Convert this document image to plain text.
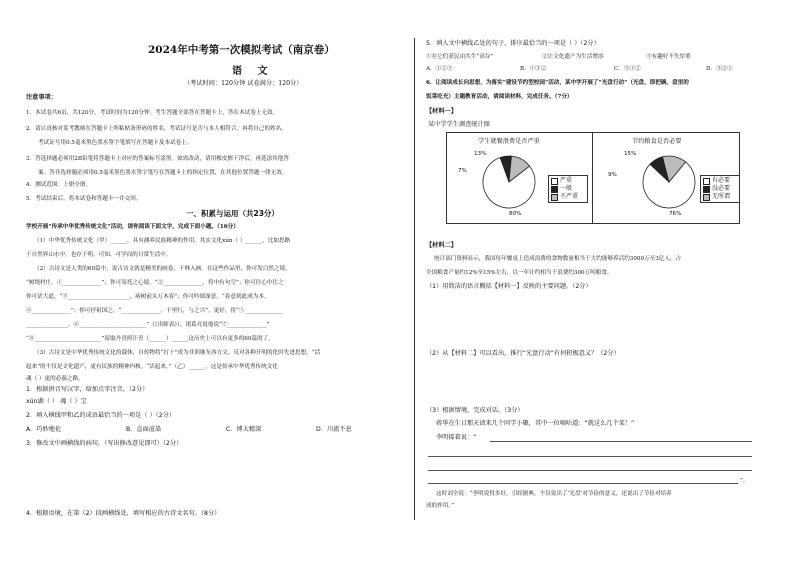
2024年中考第一次模拟考试（南京卷）
语 文
（考试时间：120分钟 试卷满分：120分）
注意事项：
1．本试卷共6页，共120分，考试时间为120分钟。考生答题全部答在答题卡上，答在本试卷上无效。
2．请认真核对监考教师在答题卡上所粘贴条形码的姓名、考试证号是否与本人相符合，再将自己的姓名、
考试证号用0.5毫米黑色墨水签字笔填写在答题卡及本试卷上。
3．答选择题必须用2B铅笔将答题卡上对应的答案标号涂黑。如需改动，请用橡皮擦干净后，再选涂其他答
案。答非选择题必须用0.5毫米黑色墨水签字笔写在答题卡上的指定位置，在其他位置答题一律无效。
4．测试范围：上册全册。
5．考试结束后，将本试卷和答题卡一并交回。
一、积累与运用（共23分）
学校开展“传承中华优秀传统文化”活动，请你阅读下面文字，完成下面小题。（16分）
（1）中华优秀传统文化（甲）______，具有涵养民族精神的作用。其实文化xún（ ）______，比如思路
于自然界山水中，也存于明、可知、可学而的日常生活中。
（2）古诗文是人类的60篇中，说古诗文就是精美的画卷，千林入画。在这些作品里，你可发白然之境，
“树绕村庄，①______________”；你可寄托之心境，“②______________，将中有句空”；你可往心中往之
你可语大道，“③______________________，病树前头万木春”；你可吟颂深意，“春意到此成为本。
④______________”；你可抒祖国之，“______________，千里行，与之兴”。更好，将“⑤______________
_______________，⑥________________________”（《出师表》），诸葛亮说他说“⑦______________”
“⑧________________________”留取丹青照汗青（______）______这历史上可以有更多的60篇的了。
（3）古诗文是中华优秀传统文化的载体，自传物将“打十”成为非训继东西方文，反对各种开明的化时先进思想，“活
起来”的不仅是文化遗产，更有民族的精神内核。“活起来，”（乙）______，这是传承中华优秀传统文化
魂（ ）更的必游之路。
1．根据拼音写汉字，给加点字注音。（2分）
xún湖（ ） 魂（ ）宝
2．填入横线甲和乙的成语最恰当的一项是（ ）（2分）
A．巧妙地伦	B．直面渲染	C．博大精深	D．川流不息
3．修改文中画横线的病句。（写出修改意见即可）（2分）
4．根据语境，在第（2）段画横线处，填写相应的古诗文名句。（8分）
5．填入文中横线乙处的句子，排序最恰当的一项是（ ）（2分）
①在它们获民由共生“高谷”	②让文化遗产为生活增添	③有趣好不失厚重
A．①②③	B．①③②	C．③①②	D．③②①
6．让阅读成长向思想，为落实“建设节约型校园”活动，某中学开展了“光盘行动”（光盘，即把碗、盘里的
饭菜吃光）主题教育活动，请阅读材料，完成任务。（7分）
【材料一】
某中学学生调查统计图
学生就餐浪费是否严重	节约粮食是否必要
80%
7%
13%
76%
9%
15%
严重
一般
不严重
有必要
没必要
无所谓
【材料二】
统计部门资料显示，我国每年餐桌上造成浪费的食物数量相当于大约能够养活约3000万至3亿人，占
全国粮食产量约12%至15%左右，以一年计约相当于浪费约300万吨粮食。
（1）用简洁的语言概括【材料一】反映的主要问题。（2分）
（2）从【材料二】可以看出，推行“光盘行动”有何积极意义？（2分）
（3）根据情境，完成对话。（3分）
蒋华在生日那天请来几个同学小聚，其中一位嘀咕道：“就这么几个菜！”
李明接着说：“
”。
这时刘全说：“李明说得多好，引经据典，不仅说出了‘光盘’对节俭的意义，还说出了节俭对培养
成的作用。”
